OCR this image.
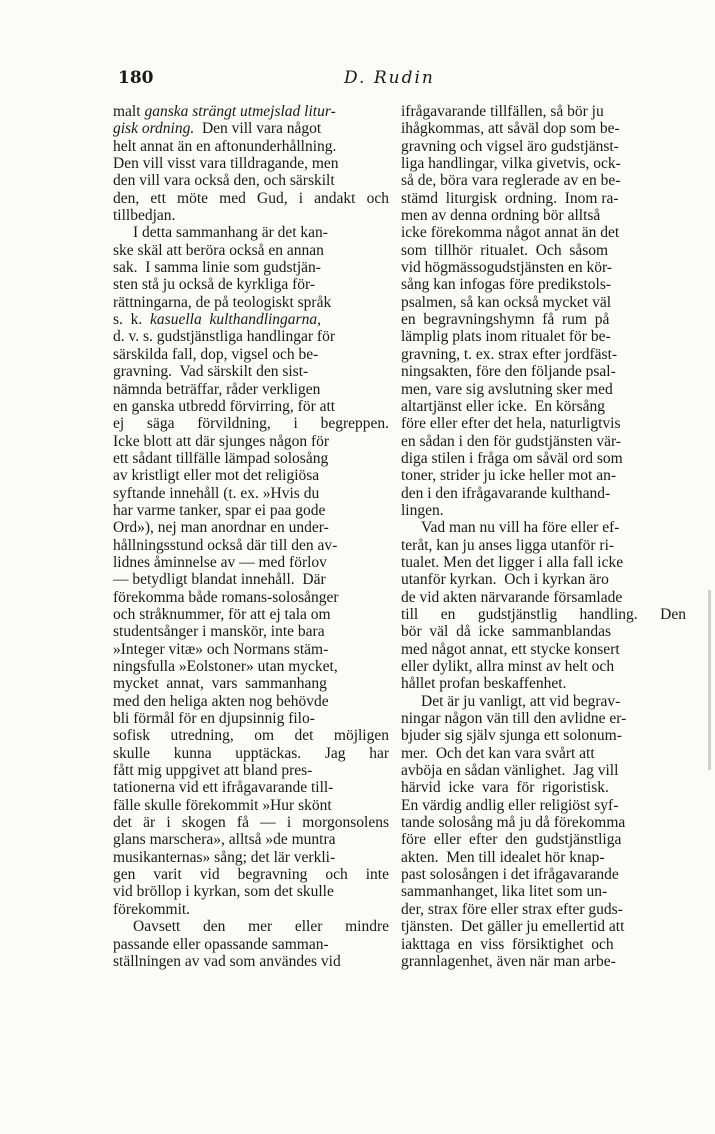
180	D. Rudin
malt ganska strängt utmejslad litur-
gisk ordning.  Den vill vara något
helt annat än en aftonunderhållning.
Den vill visst vara tilldragande, men
den vill vara också den, och särskilt
den, ett möte med Gud, i andakt och
tillbedjan.
I detta sammanhang är det kan-
ske skäl att beröra också en annan
sak.  I samma linie som gudstjän-
sten stå ju också de kyrkliga för-
rättningarna, de på teologiskt språk
s.  k.  kasuella  kulthandlingarna,
d. v. s. gudstjänstliga handlingar för
särskilda fall, dop, vigsel och be-
gravning.  Vad särskilt den sist-
nämnda beträffar, råder verkligen
en ganska utbredd förvirring, för att
ej  säga  förvildning,  i  begreppen.
Icke blott att där sjunges någon för
ett sådant tillfälle lämpad solosång
av kristligt eller mot det religiösa
syftande innehåll (t. ex. »Hvis du
har varme tanker, spar ei paa gode
Ord»), nej man anordnar en under-
hållningsstund också där till den av-
lidnes åminnelse av — med förlov
— betydligt blandat innehåll.  Där
förekomma både romans-solosånger
och stråknummer, för att ej tala om
studentsånger i manskör, inte bara
»Integer vitæ» och Normans stäm-
ningsfulla »Eolstoner» utan mycket,
mycket  annat,  vars  sammanhang
med den heliga akten nog behövde
bli förmål för en djupsinnig filo-
sofisk  utredning,  om  det  möjligen
skulle  kunna  upptäckas.  Jag  har
fått mig uppgivet att bland pres-
tationerna vid ett ifrågavarande till-
fälle skulle förekommit »Hur skönt
det är i skogen få — i morgonsolens
glans marschera», alltså »de muntra
musikanternas» sång; det lär verkli-
gen  varit  vid  begravning  och  inte
vid bröllop i kyrkan, som det skulle
förekommit.
Oavsett  den  mer  eller  mindre
passande eller opassande samman-
ställningen av vad som användes vid
ifrågavarande tillfällen, så bör ju
ihågkommas, att såväl dop som be-
gravning och vigsel äro gudstjänst-
liga handlingar, vilka givetvis, ock-
så de, böra vara reglerade av en be-
stämd  liturgisk  ordning.  Inom ra-
men av denna ordning bör alltså
icke förekomma något annat än det
som  tillhör  ritualet.  Och  såsom
vid högmässogudstjänsten en kör-
sång kan infogas före predikstols-
psalmen, så kan också mycket väl
en  begravningshymn  få  rum  på
lämplig plats inom ritualet för be-
gravning, t. ex. strax efter jordfäst-
ningsakten, före den följande psal-
men, vare sig avslutning sker med
altartjänst eller icke.  En körsång
före eller efter det hela, naturligtvis
en sådan i den för gudstjänsten vär-
diga stilen i fråga om såväl ord som
toner, strider ju icke heller mot an-
den i den ifrågavarande kulthand-
lingen.
Vad man nu vill ha före eller ef-
teråt, kan ju anses ligga utanför ri-
tualet. Men det ligger i alla fall icke
utanför kyrkan.  Och i kyrkan äro
de vid akten närvarande församlade
till  en  gudstjänstlig  handling.  Den
bör  väl  då  icke  sammanblandas
med något annat, ett stycke konsert
eller dylikt, allra minst av helt och
hållet profan beskaffenhet.
Det är ju vanligt, att vid begrav-
ningar någon vän till den avlidne er-
bjuder sig själv sjunga ett solonum-
mer.  Och det kan vara svårt att
avböja en sådan vänlighet.  Jag vill
härvid  icke  vara  för  rigoristisk.
En värdig andlig eller religiöst syf-
tande solosång må ju då förekomma
före  eller  efter  den  gudstjänstliga
akten.  Men till idealet hör knap-
past solosången i det ifrågavarande
sammanhanget, lika litet som un-
der, strax före eller strax efter guds-
tjänsten.  Det gäller ju emellertid att
iakttaga  en  viss  försiktighet  och
grannlagenhet, även när man arbe-
